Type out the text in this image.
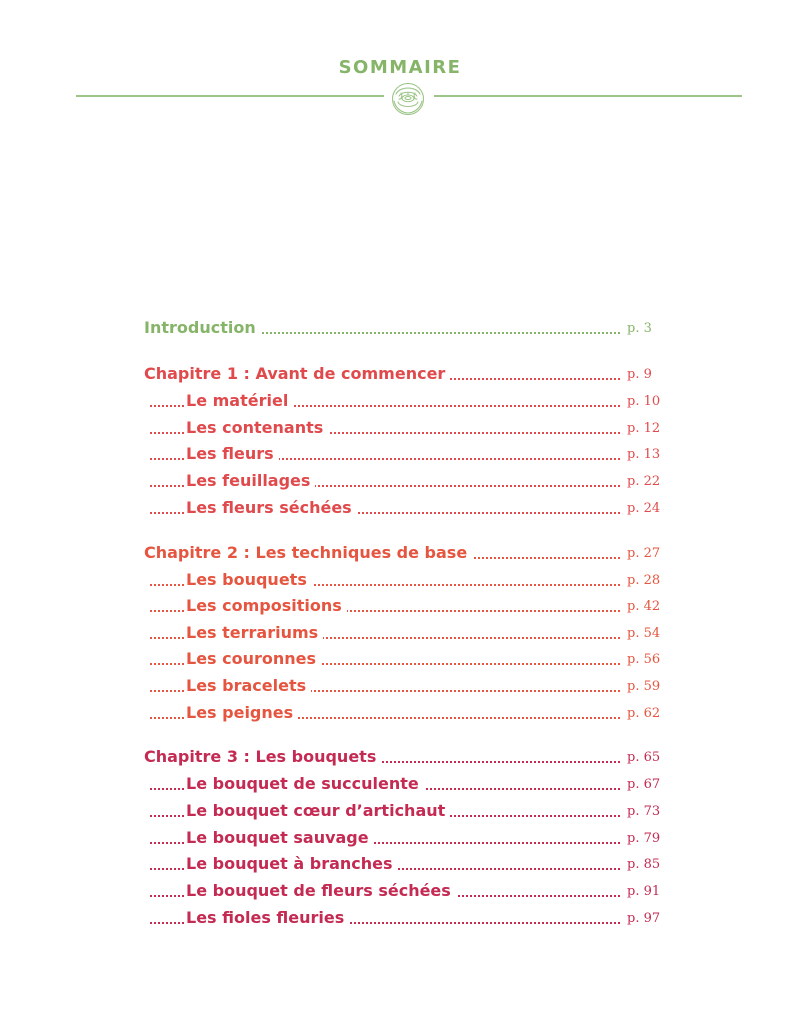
SOMMAIRE
Introduction	p. 3
Chapitre 1 : Avant de commencer	p. 9
Le matériel	p. 10
Les contenants	p. 12
Les fleurs	p. 13
Les feuillages	p. 22
Les fleurs séchées	p. 24
Chapitre 2 : Les techniques de base	p. 27
Les bouquets	p. 28
Les compositions	p. 42
Les terrariums	p. 54
Les couronnes	p. 56
Les bracelets	p. 59
Les peignes	p. 62
Chapitre 3 : Les bouquets	p. 65
Le bouquet de succulente	p. 67
Le bouquet cœur d’artichaut	p. 73
Le bouquet sauvage	p. 79
Le bouquet à branches	p. 85
Le bouquet de fleurs séchées	p. 91
Les fioles fleuries	p. 97
